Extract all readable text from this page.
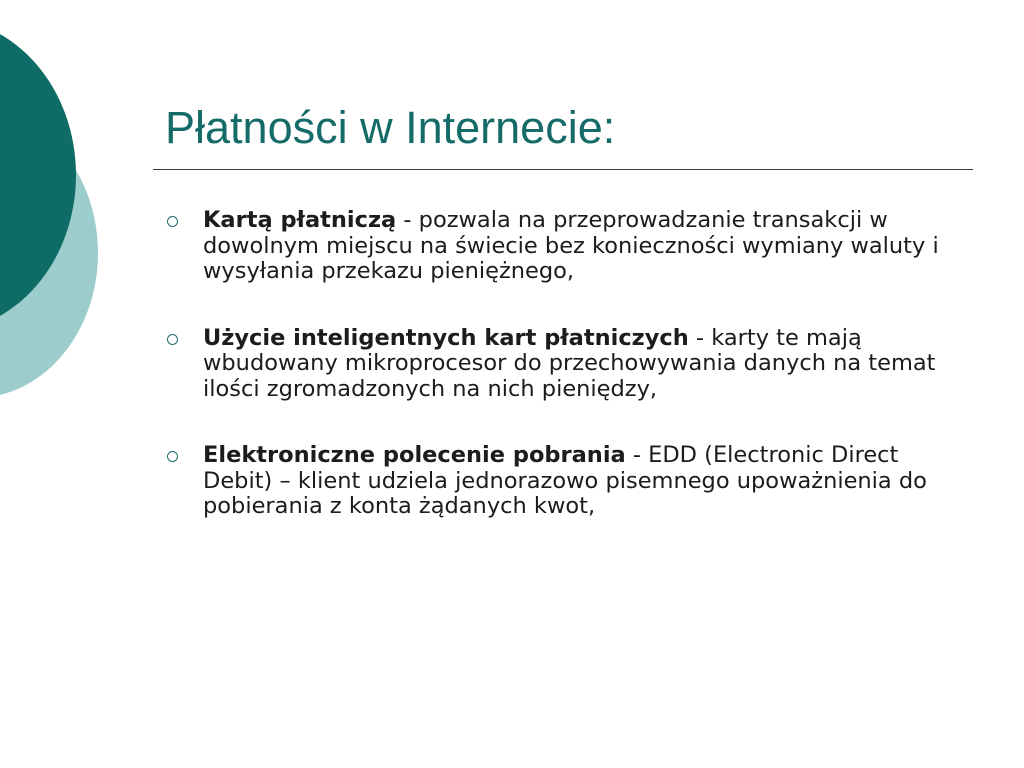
Płatności w Internecie:
Kartą płatniczą - pozwala na przeprowadzanie transakcji w dowolnym miejscu na świecie bez konieczności wymiany waluty i wysyłania przekazu pieniężnego,
Użycie inteligentnych kart płatniczych - karty te mają wbudowany mikroprocesor do przechowywania danych na temat ilości zgromadzonych na nich pieniędzy,
Elektroniczne polecenie pobrania - EDD (Electronic Direct Debit) – klient udziela jednorazowo pisemnego upoważnienia do pobierania z konta żądanych kwot,
